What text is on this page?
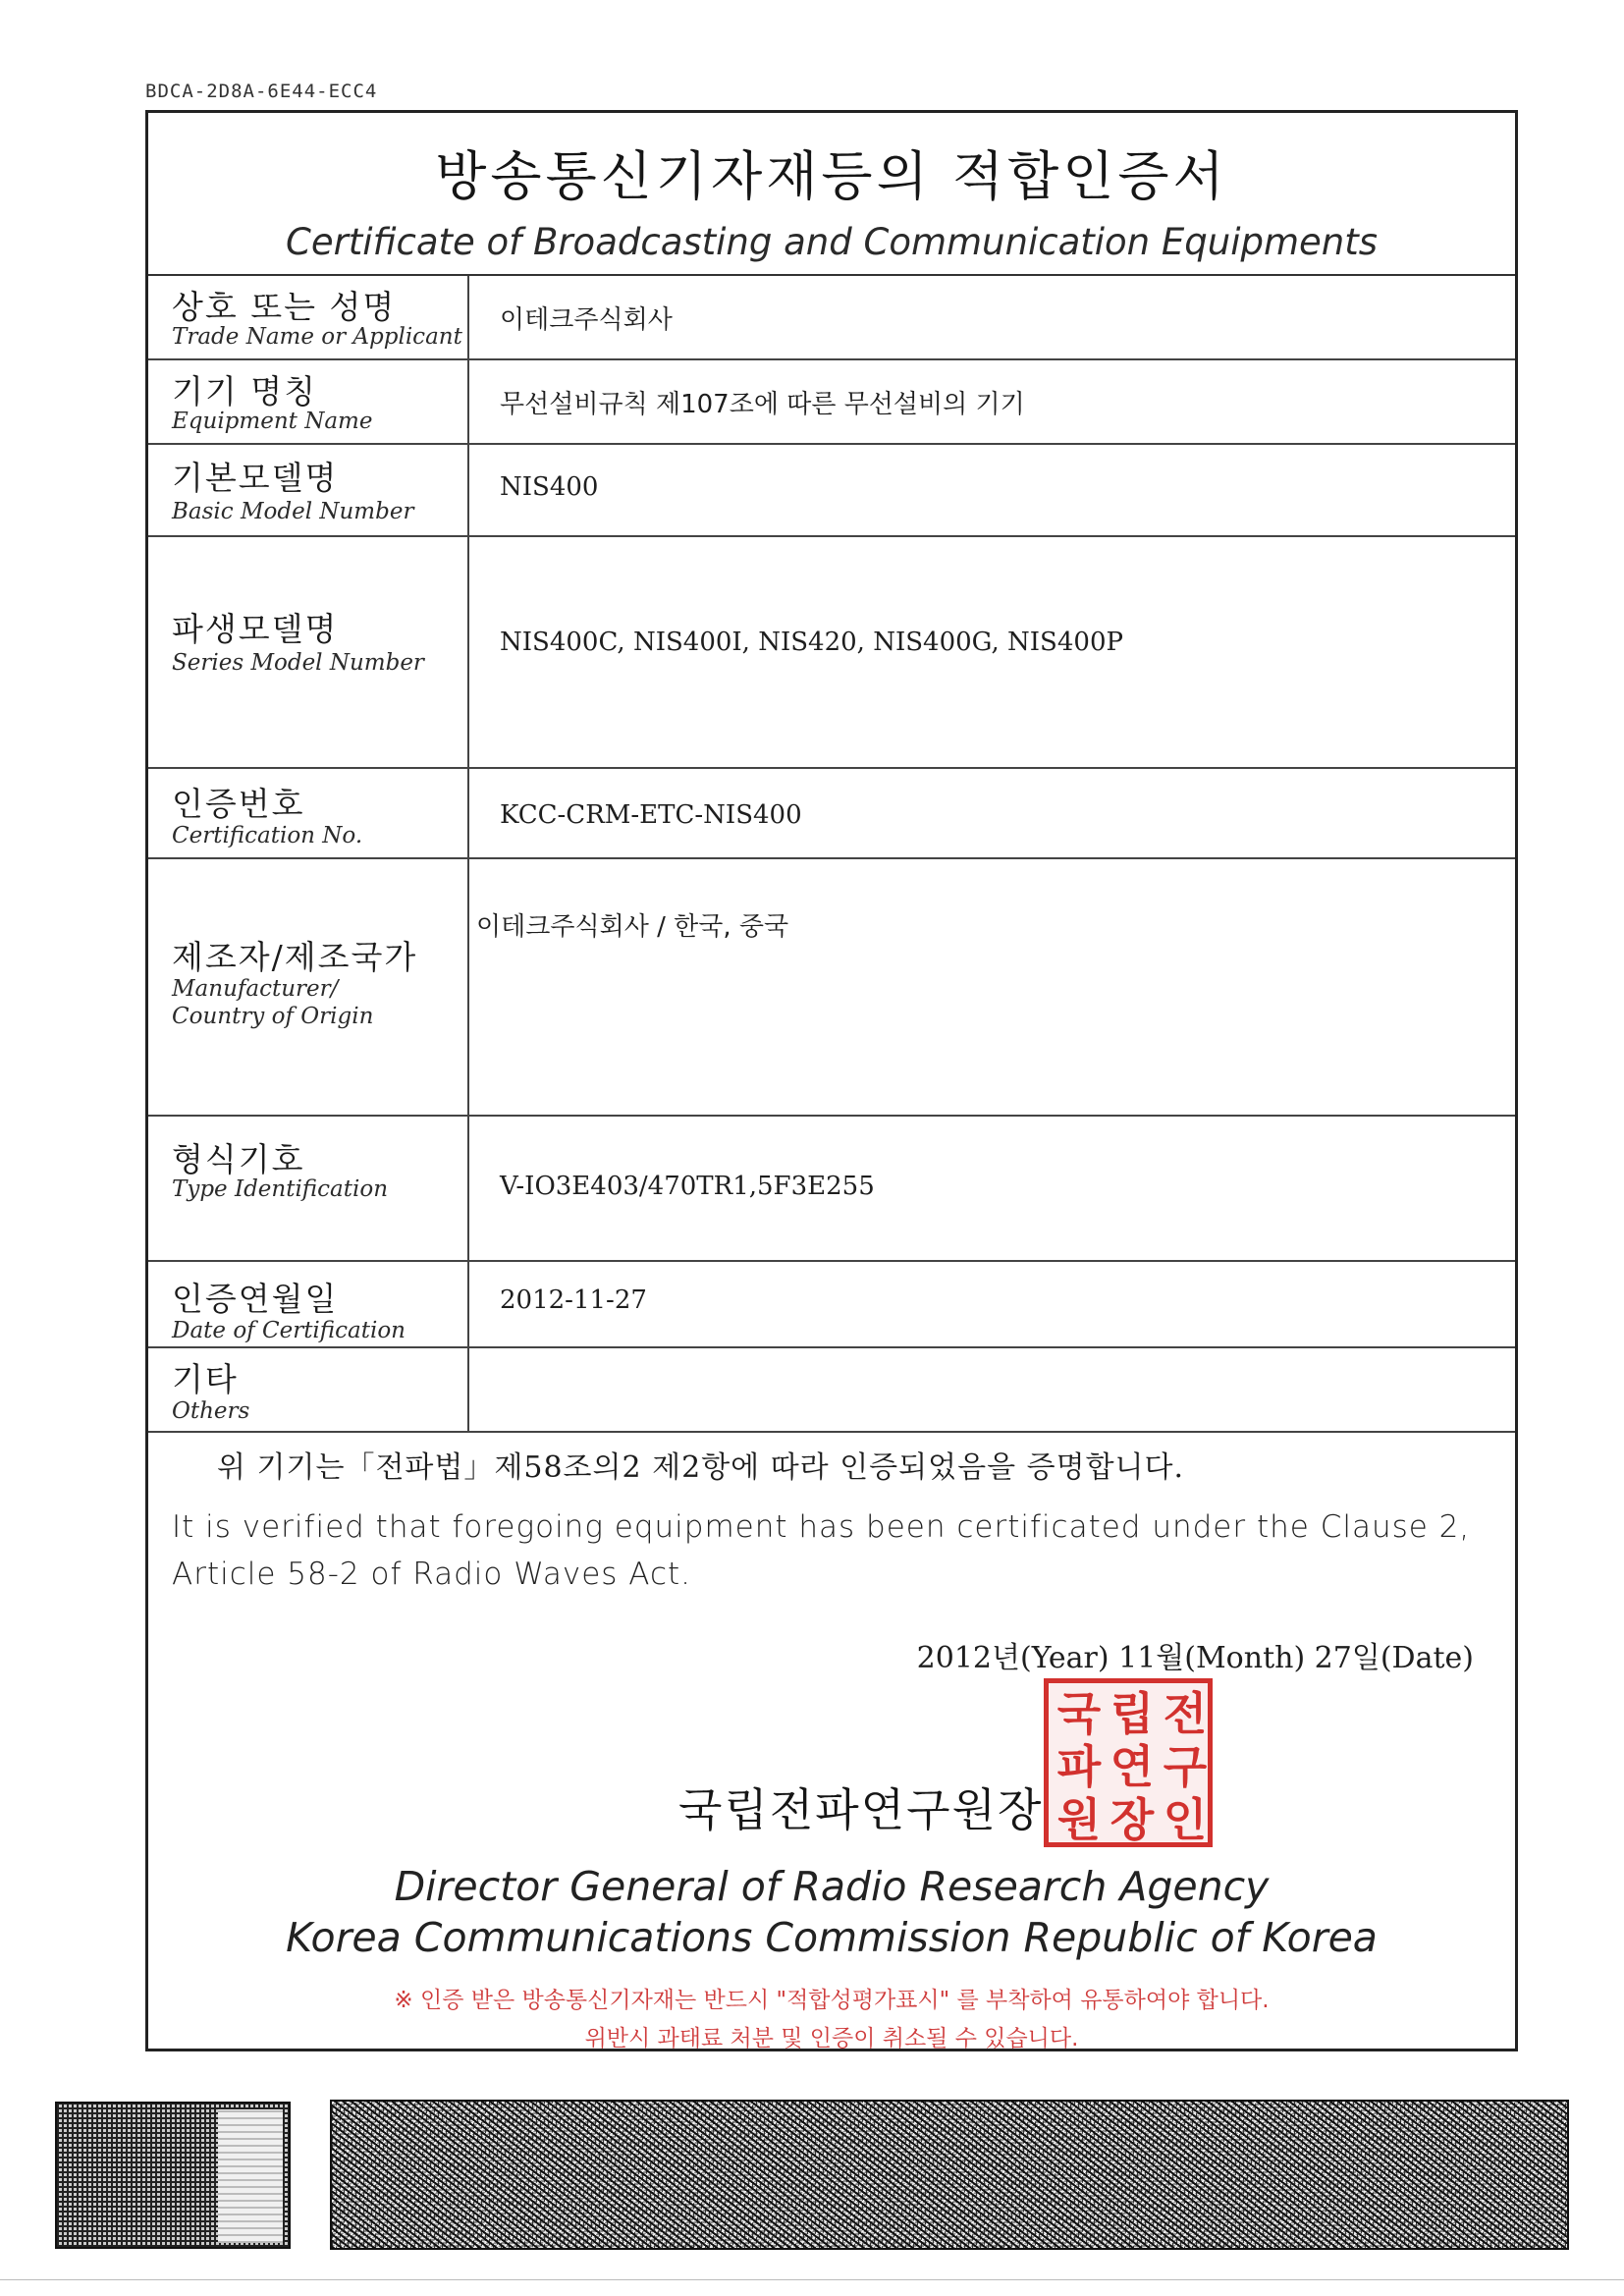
BDCA-2D8A-6E44-ECC4
방송통신기자재등의 적합인증서
Certificate of Broadcasting and Communication Equipments
상호 또는 성명
Trade Name or Applicant
이테크주식회사
기기 명칭
Equipment Name
무선설비규칙 제107조에 따른 무선설비의 기기
기본모델명
Basic Model Number
NIS400
파생모델명
Series Model Number
NIS400C, NIS400I, NIS420, NIS400G, NIS400P
인증번호
Certification No.
KCC-CRM-ETC-NIS400
제조자/제조국가
Manufacturer/
Country of Origin
이테크주식회사 / 한국, 중국
형식기호
Type Identification	V-IO3E403/470TR1,5F3E255
인증연월일
Date of Certification
2012-11-27
기타
Others
위 기기는「전파법」제58조의2 제2항에 따라 인증되었음을 증명합니다.
It is verified that foregoing equipment has been certificated under the Clause 2, Article 58-2 of Radio Waves Act.
2012년(Year) 11월(Month) 27일(Date)
국립전파연구원장
국 립 전
파 연 구
원 장 인
Director General of Radio Research Agency
Korea Communications Commission Republic of Korea
※ 인증 받은 방송통신기자재는 반드시 "적합성평가표시" 를 부착하여 유통하여야 합니다.
위반시 과태료 처분 및 인증이 취소될 수 있습니다.
